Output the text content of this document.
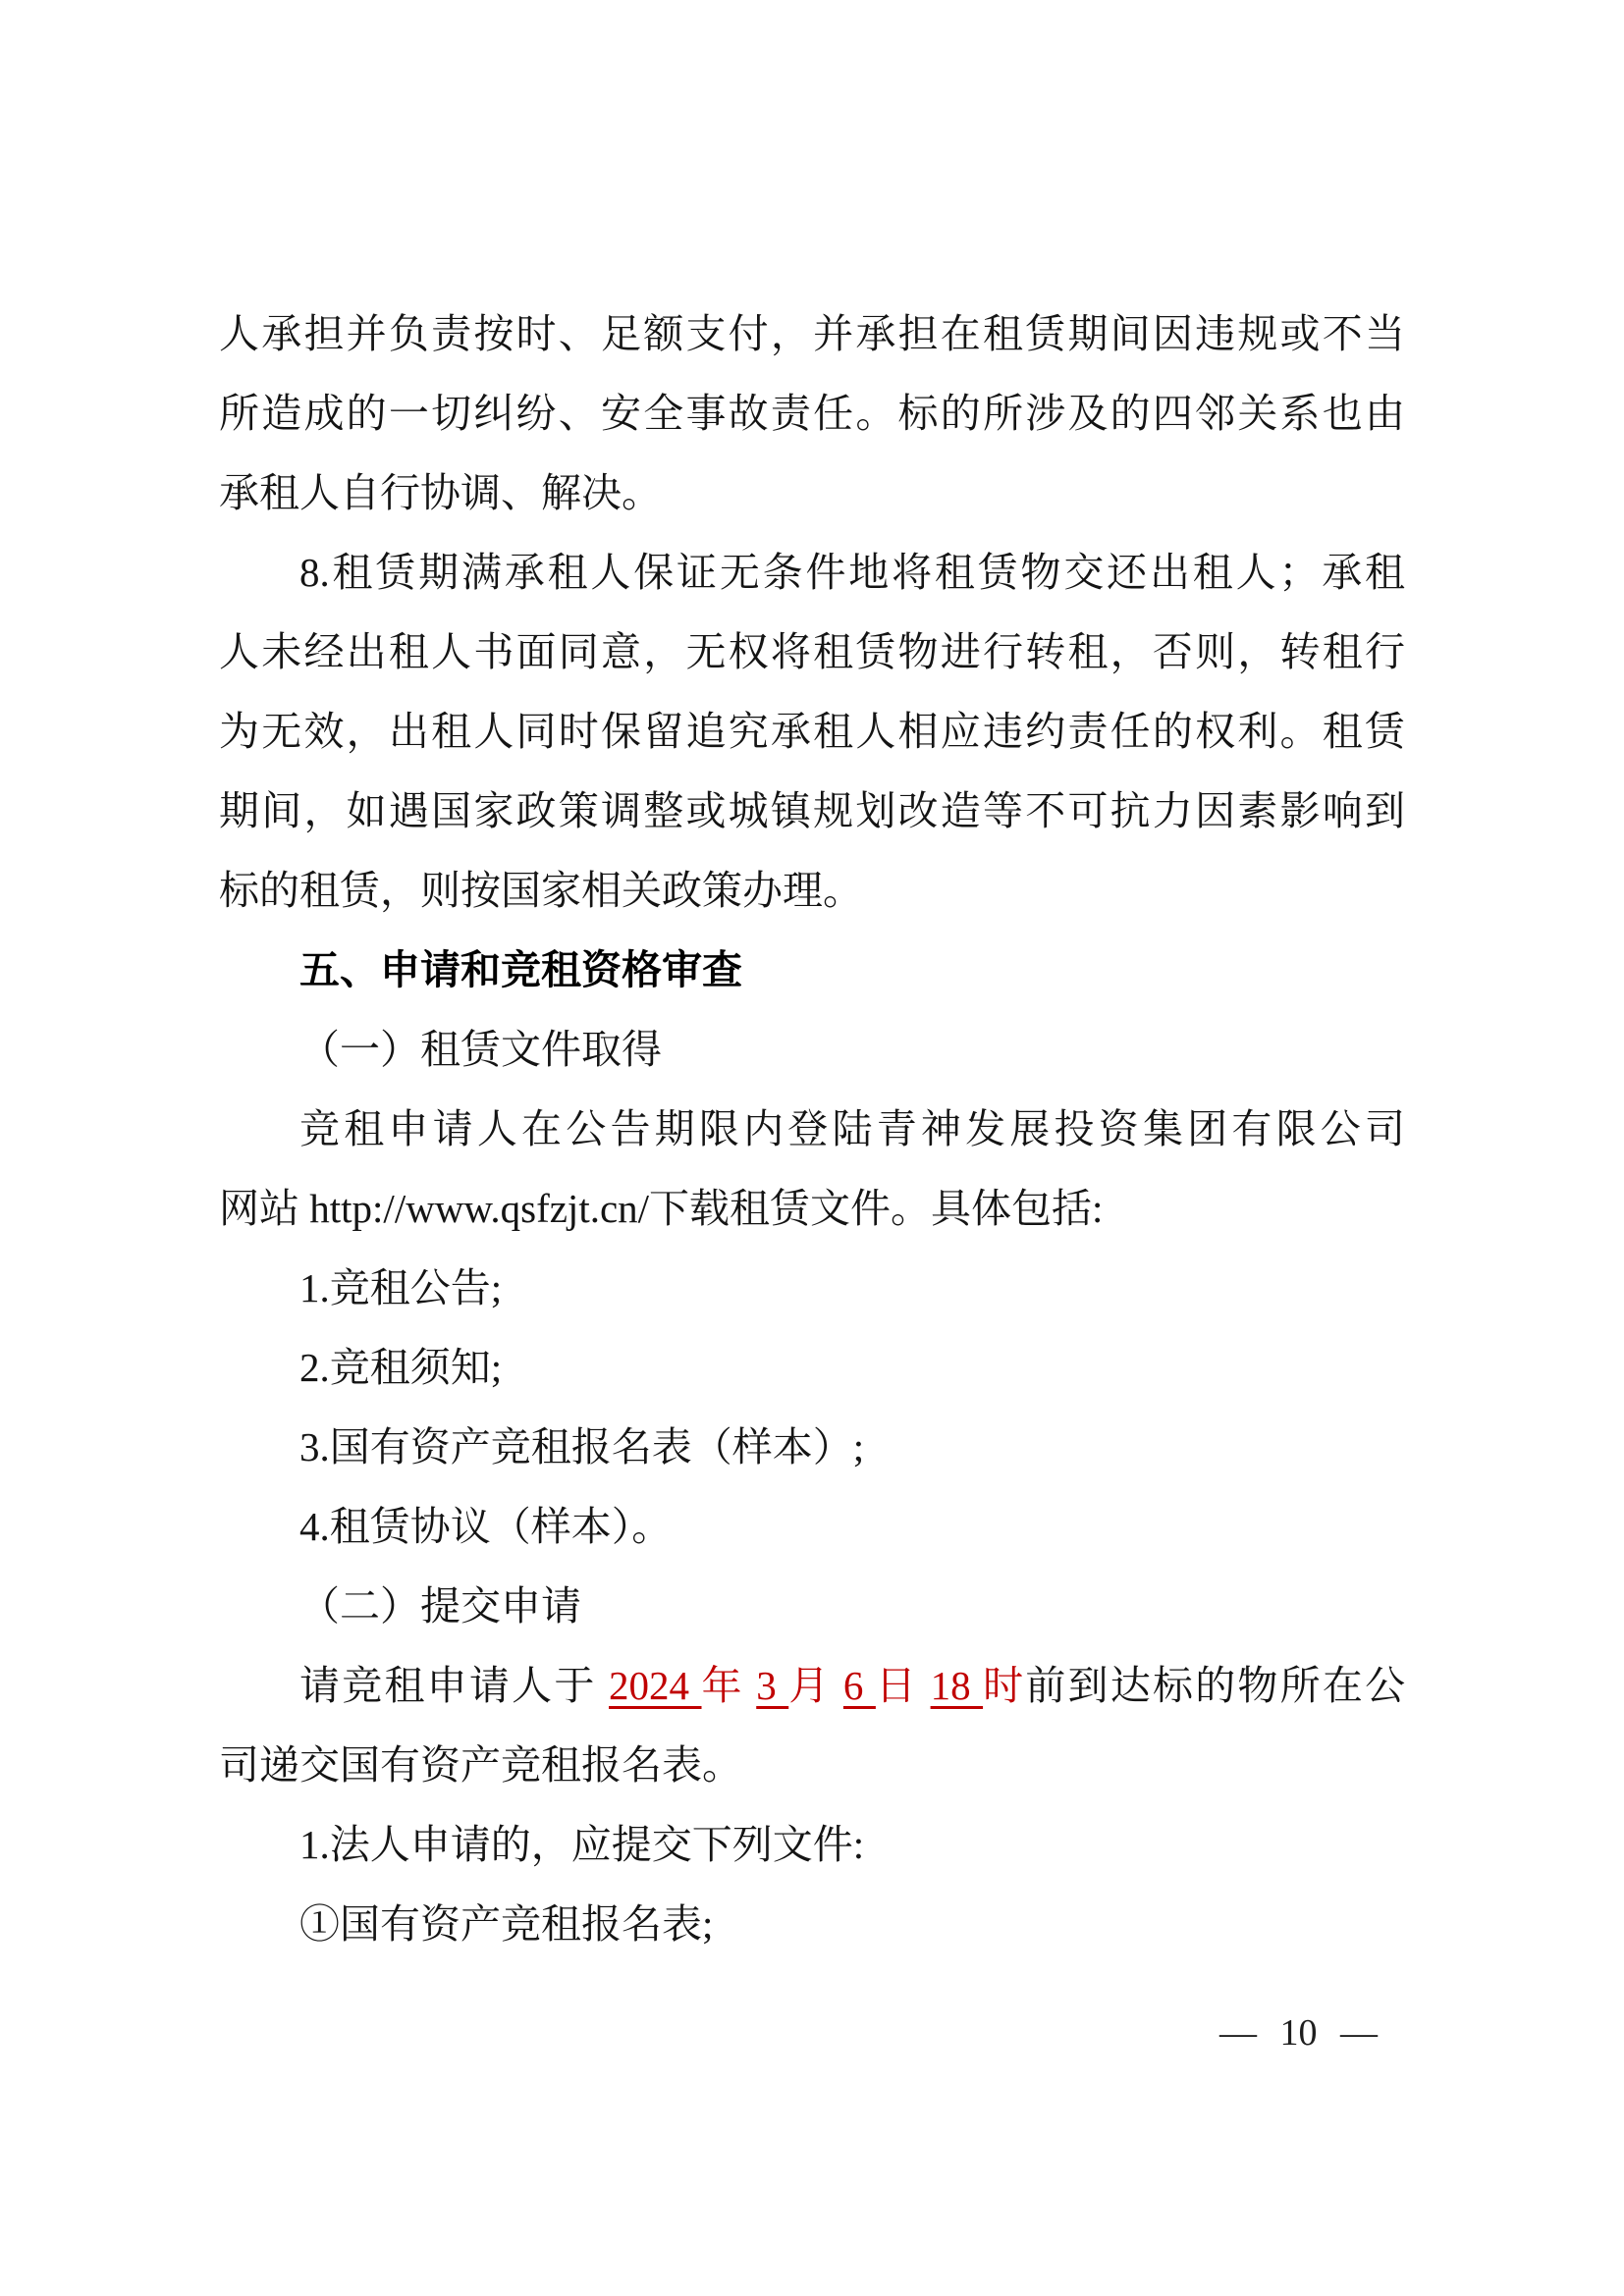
人承担并负责按时、足额支付，并承担在租赁期间因违规或不当
所造成的一切纠纷、安全事故责任。标的所涉及的四邻关系也由
承租人自行协调、解决。
8.租赁期满承租人保证无条件地将租赁物交还出租人；承租
人未经出租人书面同意，无权将租赁物进行转租，否则，转租行
为无效，出租人同时保留追究承租人相应违约责任的权利。租赁
期间，如遇国家政策调整或城镇规划改造等不可抗力因素影响到
标的租赁，则按国家相关政策办理。
五、申请和竞租资格审查
（一）租赁文件取得
竞租申请人在公告期限内登陆青神发展投资集团有限公司
网站 http://www.qsfzjt.cn/下载租赁文件。具体包括:
1.竞租公告;
2.竞租须知;
3.国有资产竞租报名表（样本）;
4.租赁协议（样本）。
（二）提交申请
请竞租申请人于 2024 年 3 月 6 日 18 时前到达标的物所在公
司递交国有资产竞租报名表。
1.法人申请的，应提交下列文件:
①国有资产竞租报名表;
— 10 —
